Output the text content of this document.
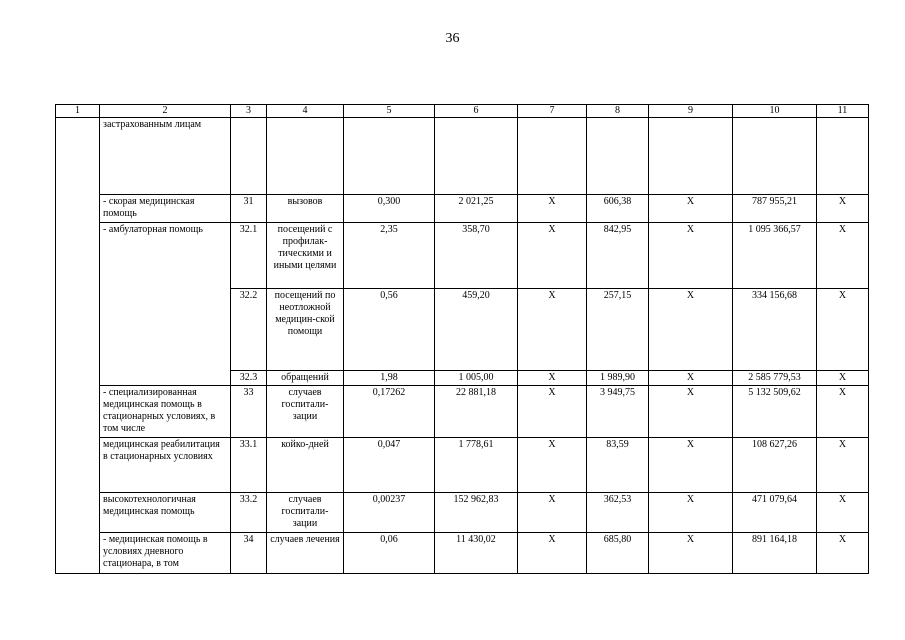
36
1	2	3	4	5	6	7	8	9	10	11
	застрахованным лицам									
	- скорая медицинская помощь	31	вызовов	0,300	2 021,25	Х	606,38	Х	787 955,21	Х
	- амбулаторная помощь	32.1	посещений с профилак-тическими и иными целями	2,35	358,70	Х	842,95	Х	1 095 366,57	Х
		32.2	посещений по неотложной медицин-ской помощи	0,56	459,20	Х	257,15	Х	334 156,68	Х
		32.3	обращений	1,98	1 005,00	Х	1 989,90	Х	2 585 779,53	Х
	- специализированная медицинская помощь в стационарных условиях, в том числе	33	случаев госпитали-зации	0,17262	22 881,18	Х	3 949,75	Х	5 132 509,62	Х
	медицинская реабилитация в стационарных условиях	33.1	койко-дней	0,047	1 778,61	Х	83,59	Х	108 627,26	Х
	высокотехнологичная медицинская помощь	33.2	случаев госпитали-зации	0,00237	152 962,83	Х	362,53	Х	471 079,64	Х
	- медицинская помощь в условиях дневного стационара, в том	34	случаев лечения	0,06	11 430,02	Х	685,80	Х	891 164,18	Х
